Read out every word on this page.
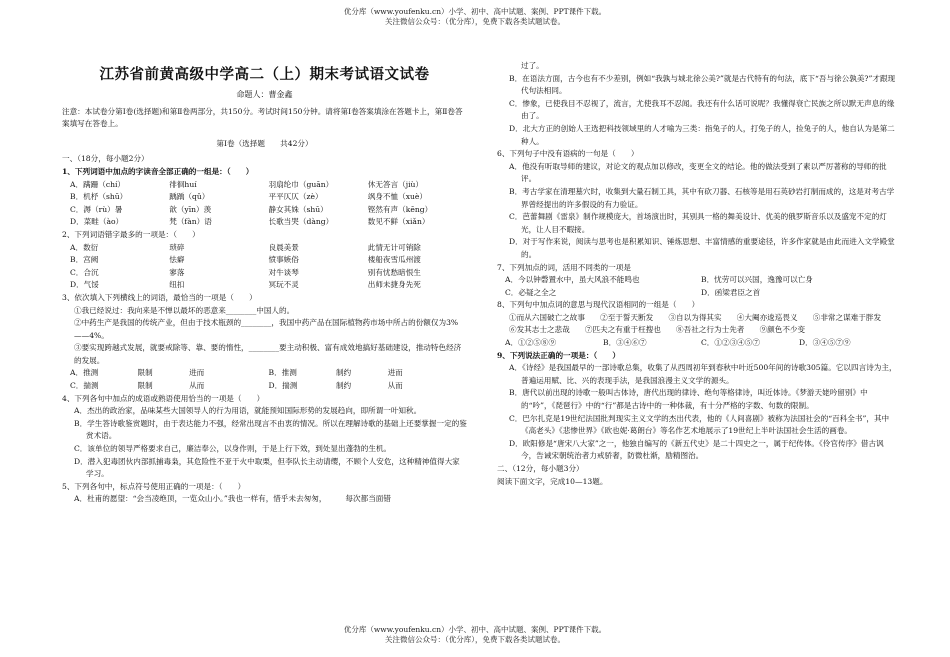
优分库（www.youfenku.cn）小学、初中、高中试题、案例、PPT课件下载。
关注微信公众号：（优分库），免费下载各类试题试卷。
江苏省前黄高级中学高二（上）期末考试语文试卷
命题人：曹金鑫

注意：本试卷分第Ⅰ卷(选择题)和第Ⅱ卷两部分，共150分。考试时间150分钟。请将第Ⅰ卷答案填涂在答题卡上，第Ⅱ卷答案填写在答卷上。

第Ⅰ卷（选择题　　共42分）

一、（18分，每小题2分）

1、下列词语中加点的字读音全部正确的一组是：（　　）

A．蹒跚（chí）	徘徊huí	羽扇纶巾（guān）	休无答言（jiù）
B．机杼（shū）	踽踽（qǔ）	平平仄仄（zè）	飒身不恤（xuè）
C．溽（rù）暑	歆（yīn）羡	静女其姝（shū）	铿然有声（kēng）
D．菜畦（ào）	梵（fàn）语	长歌当哭（dàng）	数见不鲜（xiǎn）

2、下列词语错字最多的一项是：（　　）

A．数衍	琐碎	良晨美景	此情无计可销除
B．宫阙	怯癖	愤事嫉俗	楼船夜雪瓜州渡
C．合沉	寥落	对牛谈琴	别有忧愁暗恨生
D．气馁	纽扣	冥玩不灵	出师未捷身先死

3、依次填入下列横线上的词语，最恰当的一项是（　　）

①我已经说过：我向来是不惮以最坏的恶意来________中国人的。

②中药生产是我国的传统产业，但由于技术瓶颈的________，我国中药产品在国际植物药市场中所占的份额仅为3%——4%。

③要实现跨越式发展，就要戒除等、靠、要的惰性，________要主动积极、富有成效地搞好基础建设，推动特色经济的发展。

A．推测	限制	进而	B．推测	制约	进而
C．揣测	限制	从而	D．揣测	制约	从而

4、下列各句中加点的成语或熟语使用恰当的一项是（　　）

A．杰出的政治家，品味某些大国领导人的行为用语，就能预知国际形势的发展趋向，即所谓一叶知秋。

B．学生答诗歌鉴赏题时，由于表达能力不强，经常出现言不由衷的情况。所以在理解诗歌的基础上还要掌握一定的鉴赏术语。

C．该单位的领导严格要求自己，廉洁奉公，以身作则，于是上行下效，到处显出蓬勃的生机。

D．潜入犯毒团伙内部抓捕毒枭，其危险性不亚于火中取栗，但李队长主动请缨，不顾个人安危，这种精神值得大家学习。

5、下列各句中，标点符号使用正确的一项是：（　　）

A．杜甫的愿望：“会当凌绝顶，一览众山小。”我也一样有，惜乎未去匆匆，　　　每次都当面错

过了。

B．在语法方面，古今也有不少差别，例如“我孰与城北徐公美?”就是古代特有的句法，底下“吾与徐公孰美?”才跟现代句法相同。

C．惨象，已使我目不忍视了，流言，尤使我耳不忍闻。我还有什么话可说呢？我懂得衰亡民族之所以默无声息的缘由了。

D．北大方正的创始人王选把科技领域里的人才喻为三类：指兔子的人，打兔子的人，捡兔子的人，他自认为是第二种人。

6、下列句子中没有语病的一句是（　　）

A．他没有听取导师的建议，对论文的观点加以修改，变更全文的结论。他的做法受到了素以严厉著称的导师的批评。

B．考古学家在清理墓穴时，收集到大量石制工具，其中有砍刀器、石核等是用石英砂岩打制而成的，这是对考古学界曾经提出的许多假设的有力验证。

C．芭蕾舞剧《雷泉》制作规模庞大，首场演出时，其别具一格的舞美设计、优美的俄罗斯音乐以及盛宠不定的灯光，让人目不暇接。

D．对于写作来说，阅读与思考也是积累知识、锤炼思想、丰富情感的重要途径，许多作家就是由此而进入文学殿堂的。

7、下列加点的词，活用不同类的一项是

A．今以钟磬置水中，虽大风浪不能鸣也	B．忧劳可以兴国，逸豫可以亡身
C．必疑之全之	D．函梁君臣之首

8、下列句中加点词的意思与现代汉语相同的一组是（　　）

①而从六国破亡之故事　　②至于誓天断发　　③自以为得其实　　④大阉亦逡巡畏义　　⑤非常之谋难于胖发　　⑥发其志士之悲哉　　⑦匹夫之有重于枉搜也　　⑧吾社之行为士先者　　⑨颜色不少变

A．①②⑤⑧⑨	B．③④⑥⑦	C．①②③④⑤⑦	D．③④⑤⑦⑨

9、下列说法正确的一项是：（　　）

A．《诗经》是我国最早的一部诗歌总集，收集了从西周初年到春秋中叶近500年间的诗歌305篇。它以四言诗为主，普遍运用赋、比、兴的表现手法，是我国浪漫主义文学的源头。

B．唐代以前出现的诗歌一般叫古体诗，唐代出现的律诗、绝句等格律诗，叫近体诗。《梦游天姥吟留别》中的“吟”，《琵琶行》中的“行”都是古诗中的一种体裁，有十分严格的字数、句数的限制。

C．巴尔扎克是19世纪法国批判现实主义文学的杰出代表，他的《人间喜剧》被称为法国社会的“百科全书”，其中《高老头》《悲惨世界》《欧也妮·葛朗台》等名作艺术地展示了19世纪上半叶法国社会生活的画卷。

D．欧阳修是“唐宋八大家”之一，他独自编写的《新五代史》是二十四史之一，属于纪传体。《伶官传序》借古讽今，告诫宋朝统治者力戒骄奢，防微杜渐，励精图治。

二、（12分，每小题3分）

阅读下面文字，完成10—13题。

优分库（www.youfenku.cn）小学、初中、高中试题、案例、PPT课件下载。
关注微信公众号：（优分库），免费下载各类试题试卷。
